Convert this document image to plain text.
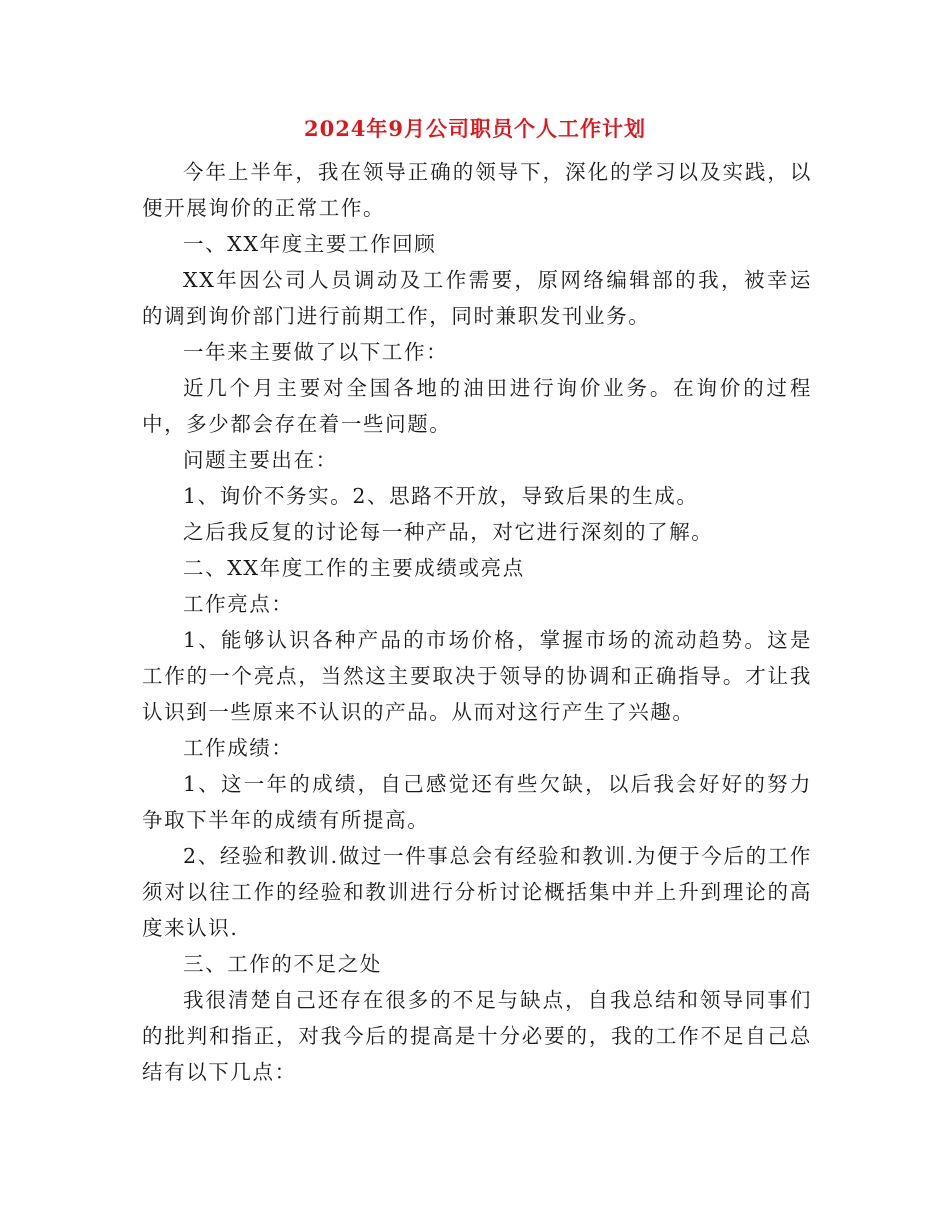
2024年9月公司职员个人工作计划

今年上半年，我在领导正确的领导下，深化的学习以及实践，以便开展询价的正常工作。

一、XX年度主要工作回顾

XX年因公司人员调动及工作需要，原网络编辑部的我，被幸运的调到询价部门进行前期工作，同时兼职发刊业务。

一年来主要做了以下工作：

近几个月主要对全国各地的油田进行询价业务。在询价的过程中，多少都会存在着一些问题。

问题主要出在：

1、询价不务实。2、思路不开放，导致后果的生成。

之后我反复的讨论每一种产品，对它进行深刻的了解。

二、XX年度工作的主要成绩或亮点

工作亮点：

1、能够认识各种产品的市场价格，掌握市场的流动趋势。这是工作的一个亮点，当然这主要取决于领导的协调和正确指导。才让我认识到一些原来不认识的产品。从而对这行产生了兴趣。

工作成绩：

1、这一年的成绩，自己感觉还有些欠缺，以后我会好好的努力争取下半年的成绩有所提高。

2、经验和教训.做过一件事总会有经验和教训.为便于今后的工作须对以往工作的经验和教训进行分析讨论概括集中并上升到理论的高度来认识.

三、工作的不足之处

我很清楚自己还存在很多的不足与缺点，自我总结和领导同事们的批判和指正，对我今后的提高是十分必要的，我的工作不足自己总结有以下几点：
